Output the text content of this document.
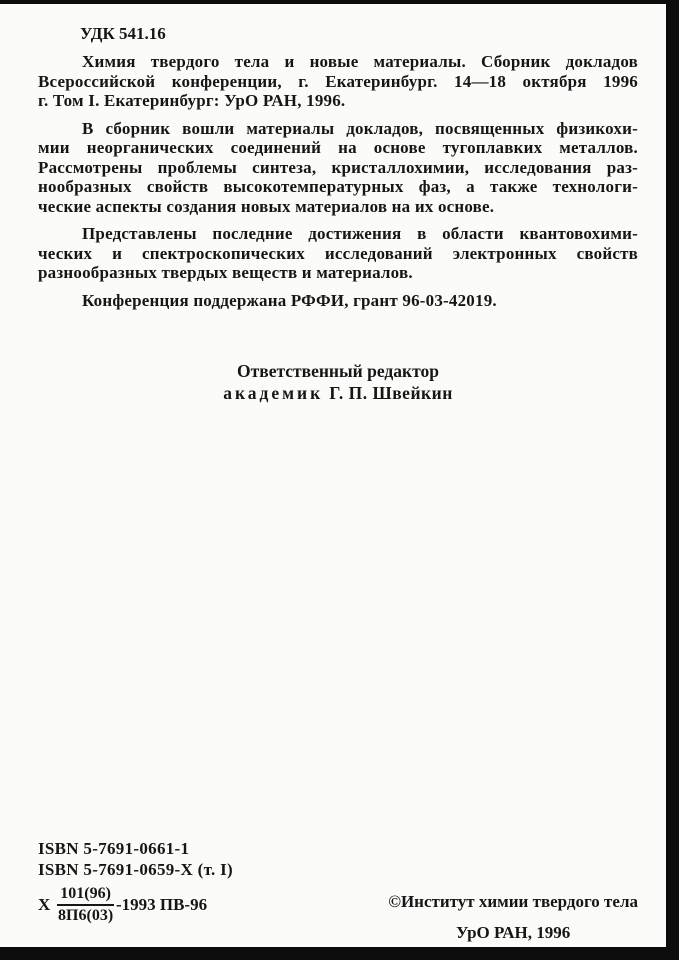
УДК 541.16
Химия твердого тела и новые материалы. Сборник докладов
Всероссийской конференции, г. Екатеринбург. 14—18 октября 1996
г. Том I. Екатеринбург: УрО РАН, 1996.
В сборник вошли материалы докладов, посвященных физикохи-
мии неорганических соединений на основе тугоплавких металлов.
Рассмотрены проблемы синтеза, кристаллохимии, исследования раз-
нообразных свойств высокотемпературных фаз, а также технологи-
ческие аспекты создания новых материалов на их основе.
Представлены последние достижения в области квантовохими-
ческих и спектроскопических исследований электронных свойств
разнообразных твердых веществ и материалов.
Конференция поддержана РФФИ, грант 96-03-42019.
Ответственный редактор
академик Г. П. Швейкин
ISBN 5-7691-0661-1
ISBN 5-7691-0659-X (т. I)
Х $\frac{101(96)}{8П6(03)} -1993$ ПВ-96	©Институт химии твердого тела
УрО РАН, 1996
